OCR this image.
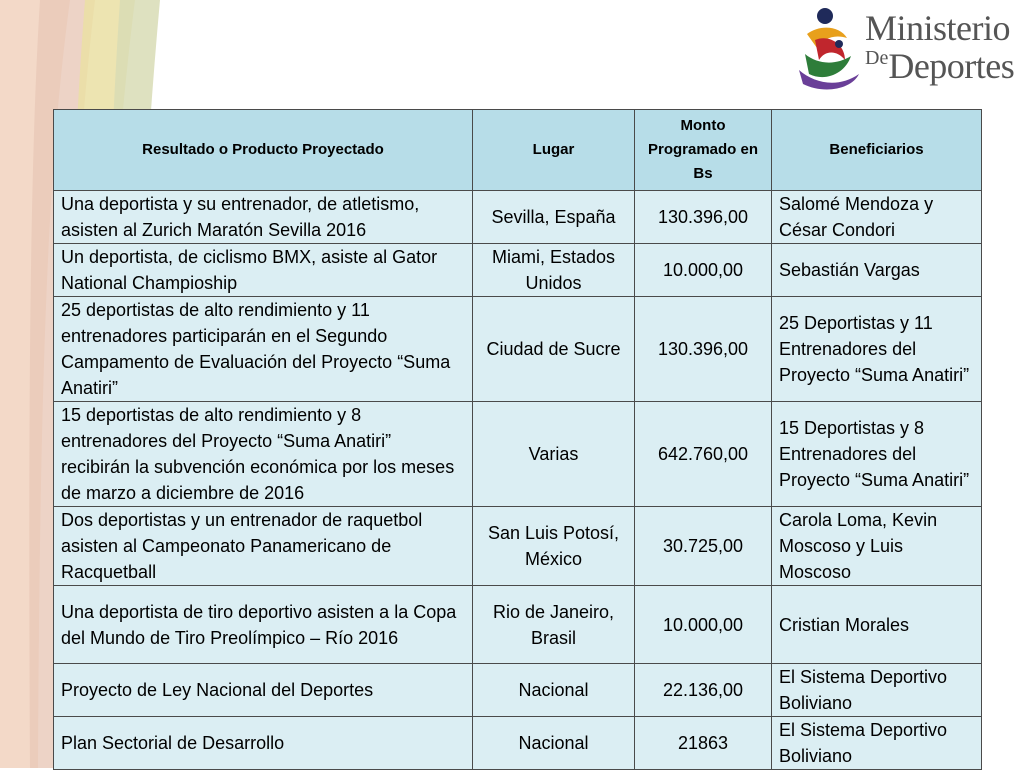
Ministerio
DeDeportes
Resultado o Producto Proyectado	Lugar	Monto Programado en Bs	Beneficiarios
Una deportista y su entrenador, de atletismo, asisten al Zurich Maratón Sevilla 2016	Sevilla, España	130.396,00	Salomé Mendoza y César Condori
Un deportista, de ciclismo BMX, asiste al Gator National Champioship	Miami, Estados Unidos	10.000,00	Sebastián Vargas
25 deportistas de alto rendimiento y 11 entrenadores participarán en el Segundo Campamento de Evaluación del Proyecto “Suma Anatiri”	Ciudad de Sucre	130.396,00	25 Deportistas y 11 Entrenadores del Proyecto “Suma Anatiri”
15 deportistas de alto rendimiento y 8 entrenadores del Proyecto “Suma Anatiri” recibirán la subvención económica por los meses de marzo a diciembre de 2016	Varias	642.760,00	15 Deportistas y 8 Entrenadores del Proyecto “Suma Anatiri”
Dos deportistas y un entrenador de raquetbol asisten al Campeonato Panamericano de Racquetball	San Luis Potosí, México	30.725,00	Carola Loma, Kevin Moscoso y Luis Moscoso
Una deportista de tiro deportivo asisten a la Copa del Mundo de Tiro Preolímpico – Río 2016	Rio de Janeiro, Brasil	10.000,00	Cristian Morales
Proyecto de Ley Nacional del Deportes	Nacional	22.136,00	El Sistema Deportivo Boliviano
Plan Sectorial de Desarrollo	Nacional	21863	El Sistema Deportivo Boliviano
